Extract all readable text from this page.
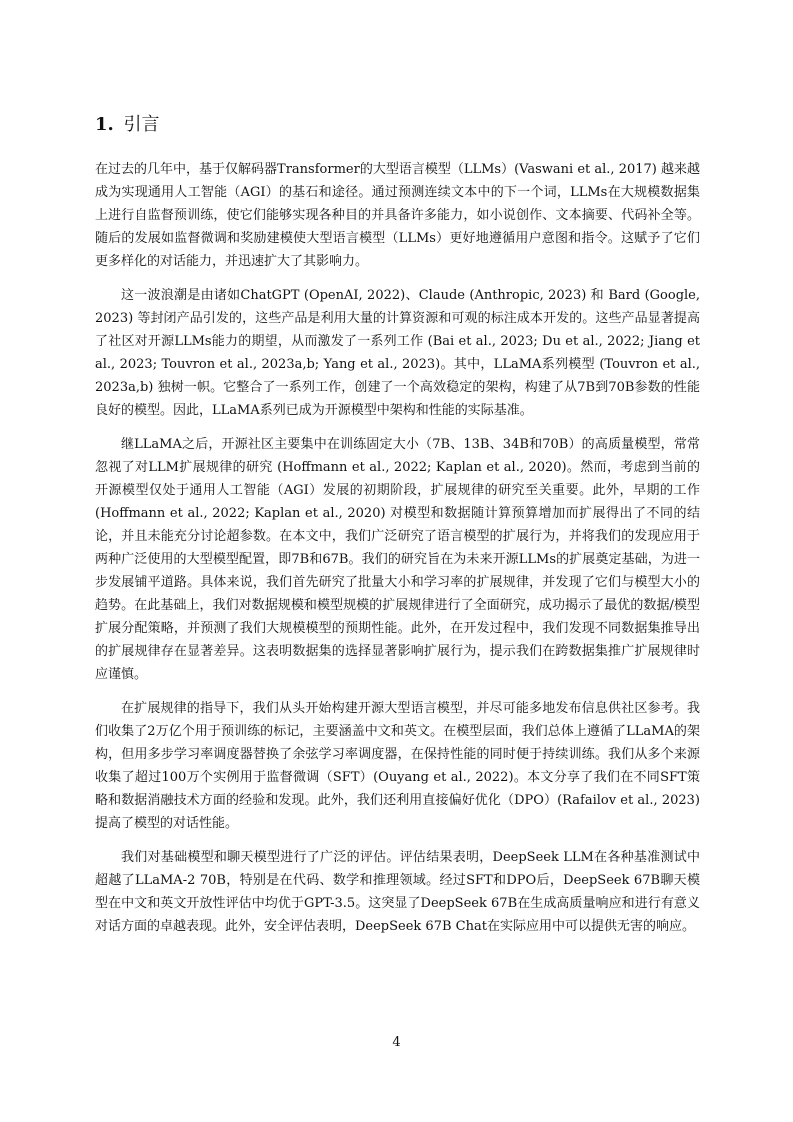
1. 引言

在过去的几年中，基于仅解码器Transformer的大型语言模型（LLMs）(Vaswani et al., 2017) 越来越成为实现通用人工智能（AGI）的基石和途径。通过预测连续文本中的下一个词，LLMs在大规模数据集上进行自监督预训练，使它们能够实现各种目的并具备许多能力，如小说创作、文本摘要、代码补全等。随后的发展如监督微调和奖励建模使大型语言模型（LLMs）更好地遵循用户意图和指令。这赋予了它们更多样化的对话能力，并迅速扩大了其影响力。

这一波浪潮是由诸如ChatGPT (OpenAI, 2022)、Claude (Anthropic, 2023) 和 Bard (Google, 2023) 等封闭产品引发的，这些产品是利用大量的计算资源和可观的标注成本开发的。这些产品显著提高了社区对开源LLMs能力的期望，从而激发了一系列工作 (Bai et al., 2023; Du et al., 2022; Jiang et al., 2023; Touvron et al., 2023a,b; Yang et al., 2023)。其中，LLaMA系列模型 (Touvron et al., 2023a,b) 独树一帜。它整合了一系列工作，创建了一个高效稳定的架构，构建了从7B到70B参数的性能良好的模型。因此，LLaMA系列已成为开源模型中架构和性能的实际基准。

继LLaMA之后，开源社区主要集中在训练固定大小（7B、13B、34B和70B）的高质量模型，常常忽视了对LLM扩展规律的研究 (Hoffmann et al., 2022; Kaplan et al., 2020)。然而，考虑到当前的开源模型仅处于通用人工智能（AGI）发展的初期阶段，扩展规律的研究至关重要。此外，早期的工作 (Hoffmann et al., 2022; Kaplan et al., 2020) 对模型和数据随计算预算增加而扩展得出了不同的结论，并且未能充分讨论超参数。在本文中，我们广泛研究了语言模型的扩展行为，并将我们的发现应用于两种广泛使用的大型模型配置，即7B和67B。我们的研究旨在为未来开源LLMs的扩展奠定基础，为进一步发展铺平道路。具体来说，我们首先研究了批量大小和学习率的扩展规律，并发现了它们与模型大小的趋势。在此基础上，我们对数据规模和模型规模的扩展规律进行了全面研究，成功揭示了最优的数据/模型扩展分配策略，并预测了我们大规模模型的预期性能。此外，在开发过程中，我们发现不同数据集推导出的扩展规律存在显著差异。这表明数据集的选择显著影响扩展行为，提示我们在跨数据集推广扩展规律时应谨慎。

在扩展规律的指导下，我们从头开始构建开源大型语言模型，并尽可能多地发布信息供社区参考。我们收集了2万亿个用于预训练的标记，主要涵盖中文和英文。在模型层面，我们总体上遵循了LLaMA的架构，但用多步学习率调度器替换了余弦学习率调度器，在保持性能的同时便于持续训练。我们从多个来源收集了超过100万个实例用于监督微调（SFT）(Ouyang et al., 2022)。本文分享了我们在不同SFT策略和数据消融技术方面的经验和发现。此外，我们还利用直接偏好优化（DPO）(Rafailov et al., 2023) 提高了模型的对话性能。

我们对基础模型和聊天模型进行了广泛的评估。评估结果表明，DeepSeek LLM在各种基准测试中超越了LLaMA-2 70B，特别是在代码、数学和推理领域。经过SFT和DPO后，DeepSeek 67B聊天模型在中文和英文开放性评估中均优于GPT-3.5。这突显了DeepSeek 67B在生成高质量响应和进行有意义对话方面的卓越表现。此外，安全评估表明，DeepSeek 67B Chat在实际应用中可以提供无害的响应。

4
